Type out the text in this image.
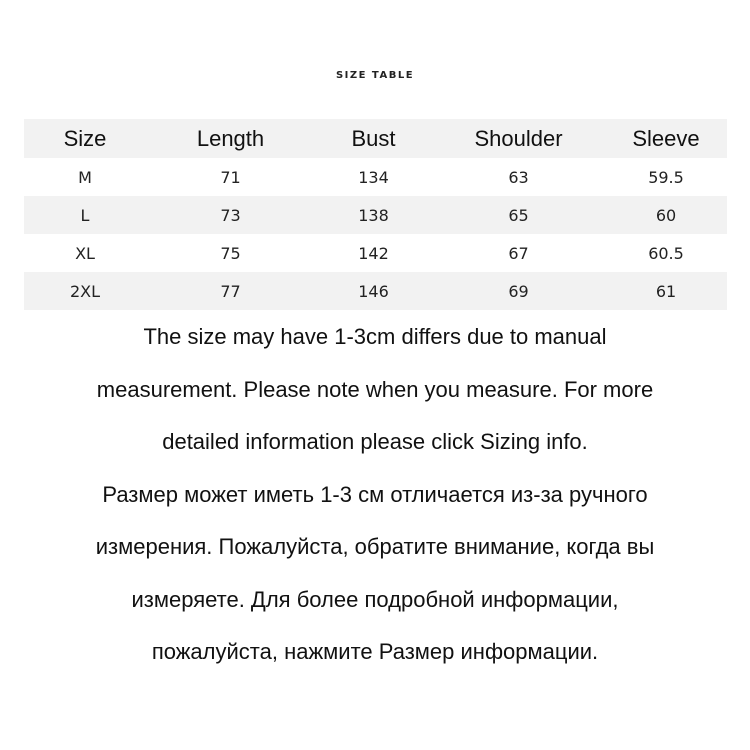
SIZE TABLE
Size	Length	Bust	Shoulder	Sleeve
M	71	134	63	59.5
L	73	138	65	60
XL	75	142	67	60.5
2XL	77	146	69	61
The size may have 1-3cm differs due to manual
measurement. Please note when you measure. For more
detailed information please click Sizing info.
Размер может иметь 1-3 см отличается из-за ручного
измерения. Пожалуйста, обратите внимание, когда вы
измеряете. Для более подробной информации,
пожалуйста, нажмите Размер информации.
